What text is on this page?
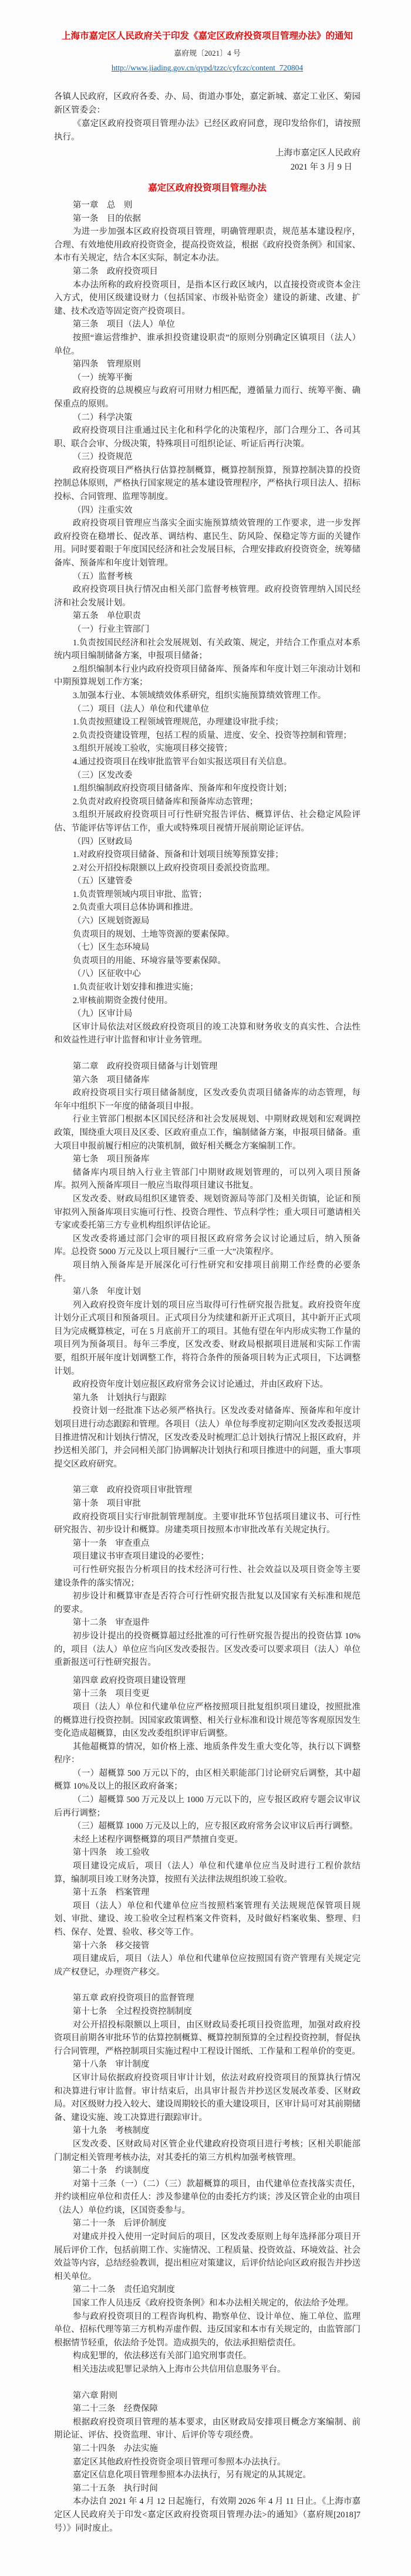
上海市嘉定区人民政府关于印发《嘉定区政府投资项目管理办法》的通知
嘉府规〔2021〕4 号
http://www.jiading.gov.cn/qypd/tzzc/cyfczc/content_720804

各镇人民政府，区政府各委、办、局、街道办事处，嘉定新城、嘉定工业区、菊园新区管委会：

《嘉定区政府投资项目管理办法》已经区政府同意，现印发给你们，请按照执行。

上海市嘉定区人民政府

2021 年 3 月 9 日

嘉定区政府投资项目管理办法

第一章　总　则

第一条　目的依据

为进一步加强本区政府投资项目管理，明确管理职责，规范基本建设程序，合理、有效地使用政府投资资金，提高投资效益，根据《政府投资条例》和国家、本市有关规定，结合本区实际，制定本办法。

第二条　政府投资项目

本办法所称的政府投资项目，是指本区行政区域内，以直接投资或资本金注入方式，使用区级建设财力（包括国家、市级补贴资金）建设的新建、改建、扩建、技术改造等固定资产投资项目。

第三条　项目（法人）单位

按照“谁运营维护、谁承担投资建设职责”的原则分别确定区镇项目（法人）单位。

第四条　管理原则

（一）统筹平衡

政府投资的总规模应与政府可用财力相匹配，遵循量力而行、统筹平衡、确保重点的原则。

（二）科学决策

政府投资项目注重通过民主化和科学化的决策程序，部门合理分工、各司其职、联合会审、分级决策，特殊项目可组织论证、听证后再行决策。

（三）投资规范

政府投资项目严格执行估算控制概算，概算控制预算，预算控制决算的投资控制总体原则，严格执行国家规定的基本建设管理程序，严格执行项目法人、招标投标、合同管理、监理等制度。

（四）注重实效

政府投资项目管理应当落实全面实施预算绩效管理的工作要求，进一步发挥政府投资在稳增长、促改革、调结构、惠民生、防风险、保稳定等方面的关键作用。同时要着眼于年度国民经济和社会发展目标，合理安排政府投资资金，统筹储备库、预备库和年度计划管理。

（五）监督考核

政府投资项目执行情况由相关部门监督考核管理。政府投资管理纳入国民经济和社会发展计划。

第五条　单位职责

（一）行业主管部门

1.负责按国民经济和社会发展规划、有关政策、规定，并结合工作重点对本系统内项目编制储备方案，申报项目储备；

2.组织编制本行业内政府投资项目储备库、预备库和年度计划三年滚动计划和中期预算规划工作方案；

3.加强本行业、本领域绩效体系研究，组织实施预算绩效管理工作。

（二）项目（法人）单位和代建单位

1.负责按照建设工程领域管理规范，办理建设审批手续；

2.负责投资建设管理，包括工程的质量、进度、安全、投资等控制和管理；

3.组织开展竣工验收，实施项目移交接管；

4.通过投资项目在线审批监管平台如实报送项目有关信息。

（三）区发改委

1.组织编制政府投资项目储备库、预备库和年度投资计划；

2.负责对政府投资项目储备库和预备库动态管理；

3.组织开展政府投资项目可行性研究报告评估、概算评估、社会稳定风险评估、节能评估等评估工作，重大或特殊项目视情开展前期论证评估。

（四）区财政局

1.对政府投资项目储备、预备和计划项目统筹预算安排；

2.对公开招投标限额以上政府投资项目委派投资监理。

（五）区建管委

1.负责管理领域内项目审批、监管；

2.负责重大项目总体协调和推进。

（六）区规划资源局

负责项目的规划、土地等资源的要素保障。

（七）区生态环境局

负责项目的用能、环境容量等要素保障。

（八）区征收中心

1.负责征收计划安排和推进实施；

2.审核前期资金拨付使用。

（九）区审计局

区审计局依法对区级政府投资项目的竣工决算和财务收支的真实性、合法性和效益性进行审计监督和审计业务管理。

第二章　政府投资项目储备与计划管理

第六条　项目储备库

政府投资项目实行项目储备制度，区发改委负责项目储备库的动态管理，每年年中组织下一年度的储备项目申报。

行业主管部门根据本区国民经济和社会发展规划、中期财政规划和宏观调控政策，围绕重大项目及区委、区政府重点工作，编制储备方案，申报项目储备。重大项目申报前履行相应的决策机制，做好相关概念方案编制工作。

第七条　项目预备库

储备库内项目纳入行业主管部门中期财政规划管理的，可以列入项目预备库。拟列入预备库项目一般应当取得项目建议书批复。

区发改委、财政局组织区建管委、规划资源局等部门及相关街镇，论证和预审拟列入预备库项目实施可行性、投资合理性、节点科学性；重大项目可邀请相关专家或委托第三方专业机构组织评估论证。

区发改委将通过部门会审的项目报区政府常务会议讨论通过后，纳入预备库。总投资 5000 万元及以上项目履行“三重一大”决策程序。

项目纳入预备库是开展深化可行性研究和安排项目前期工作经费的必要条件。

第八条　年度计划

列入政府投资年度计划的项目应当取得可行性研究报告批复。政府投资年度计划分正式项目和预备项目。正式项目分为续建和新开正式项目，其中新开正式项目为完成概算核定，可在 5 月底前开工的项目。其他有望在年内形成实物工作量的项目列为预备项目。每年三季度，区发改委、财政局根据项目进展和实际工作需要，组织开展年度计划调整工作，将符合条件的预备项目转为正式项目，下达调整计划。

政府投资年度计划应报区政府常务会议讨论通过，并由区政府下达。

第九条　计划执行与跟踪

投资计划一经批准下达必须严格执行。区发改委对储备库、预备库和年度计划项目进行动态跟踪和管理。各项目（法人）单位每季度初定期向区发改委报送项目推进情况和计划执行情况，区发改委及时梳理汇总计划执行情况上报区政府，并抄送相关部门，并会同相关部门协调解决计划执行和项目推进中的问题，重大事项提交区政府研究。

第三章　政府投资项目审批管理

第十条　项目审批

政府投资项目实行审批制管理制度。主要审批环节包括项目建议书、可行性研究报告、初步设计和概算。房建类项目按照本市审批改革有关规定执行。

第十一条　审查重点

项目建议书审查项目建设的必要性；

可行性研究报告分析项目的技术经济可行性、社会效益以及项目资金等主要建设条件的落实情况；

初步设计和概算审查是否符合可行性研究报告批复以及国家有关标准和规范的要求。

第十二条　审查退件

初步设计提出的投资概算超过经批准的可行性研究报告提出的投资估算 10%的，项目（法人）单位应当向区发改委报告。区发改委可以要求项目（法人）单位重新报送可行性研究报告。

第四章 政府投资项目建设管理

第十三条　项目变更

项目（法人）单位和代建单位应严格按照项目批复组织项目建设，按照批准的概算进行投资控制。因国家政策调整、相关行业标准和设计规范等客观原因发生变化造成超概算，由区发改委组织评审后调整。

其他超概算的情况，如价格上涨、地质条件发生重大变化等，执行以下调整程序：

（一）超概算 500 万元以下的，由区相关职能部门讨论研究后调整，其中超概算 10%及以上的报区政府备案；

（二）超概算 500 万元及以上 1000 万元以下的，应专报区政府专题会议审议后再行调整；

（三）超概算 1000 万元及以上的，应专报区政府常务会议审议后再行调整。

未经上述程序调整概算的项目严禁擅自变更。

第十四条　竣工验收

项目建设完成后，项目（法人）单位和代建单位应当及时进行工程价款结算，编制项目竣工财务决算，按照有关法律法规组织竣工验收。

第十五条　档案管理

项目（法人）单位和代建单位应当按照档案管理有关法规规范保管项目规划、审批、建设、竣工验收全过程档案文件资料，及时做好档案收集、整理、归档、保存、处置、验收、移交等工作。

第十六条　移交接管

项目建成后，项目（法人）单位和代建单位应按照国有资产管理有关规定完成产权登记，办理资产移交。

第五章 政府投资项目的监督管理

第十七条　全过程投资控制制度

对公开招投标限额以上项目，由区财政局委托项目投资监理，加强对政府投资项目前期各审批环节的估算控制概算、概算控制预算的全过程投资控制，督促执行合同管理，严格控制项目实施过程中工程设计图纸、工作量和工程单价的变更。

第十八条　审计制度

区审计局依据政府投资项目审计计划，依法对政府投资项目的预算执行情况和决算进行审计监督。审计结束后，出具审计报告并抄送区发展改革委、区财政局。对区级财力投入较大、建设周期较长的重大建设项目，区审计局可对其前期储备、建设实施、竣工决算进行跟踪审计。

第十九条　考核制度

区发改委、区财政局对区管企业代建政府投资项目进行考核；区相关职能部门制定相关管理考核办法，对其委托的第三方机构加强考核管理。

第二十条　约谈制度

对第十三条（一）（二）（三）款超概算的项目，由代建单位查找落实责任，并约谈相应单位和责任人：涉及参建单位的由委托方约谈；涉及区管企业的由项目（法人）单位约谈，区国资委参与。

第二十一条　后评价制度

对建成并投入使用一定时间后的项目，区发改委原则上每年选择部分项目开展后评价工作，包括前期工作、实施情况、工程质量、投资效益、环境效益、社会效益等内容，总结经验教训，提出相应对策建议，后评价结论向区政府报告并抄送相关单位。

第二十二条　责任追究制度

国家工作人员违反《政府投资条例》和本办法相关规定的，依法给予处理。

参与政府投资项目的工程咨询机构、勘察单位、设计单位、施工单位、监理单位、招标代理等第三方机构弄虚作假、违反国家和本市有关规定的，由监管部门根据情节轻重，依法给予处罚。造成损失的，依法承担赔偿责任。

构成犯罪的，依法移送有关部门追究刑事责任。

相关违法或犯罪记录纳入上海市公共信用信息服务平台。

第六章 附则

第二十三条　经费保障

根据政府投资项目管理的基本要求，由区财政局安排项目概念方案编制、前期论证、评估、投资监理、审计、后评价等专项经费。

第二十四条　办法实施

嘉定区其他政府性投资资金项目管理可参照本办法执行。

嘉定区信息化项目管理参照本办法执行，另有规定的从其规定。

第二十五条　执行时间

本办法自 2021 年 4 月 12 日起施行，有效期 2026 年 4 月 11 日止。《上海市嘉定区人民政府关于印发<嘉定区政府投资项目管理办法>的通知》（嘉府规[2018]7 号）》同时废止。
